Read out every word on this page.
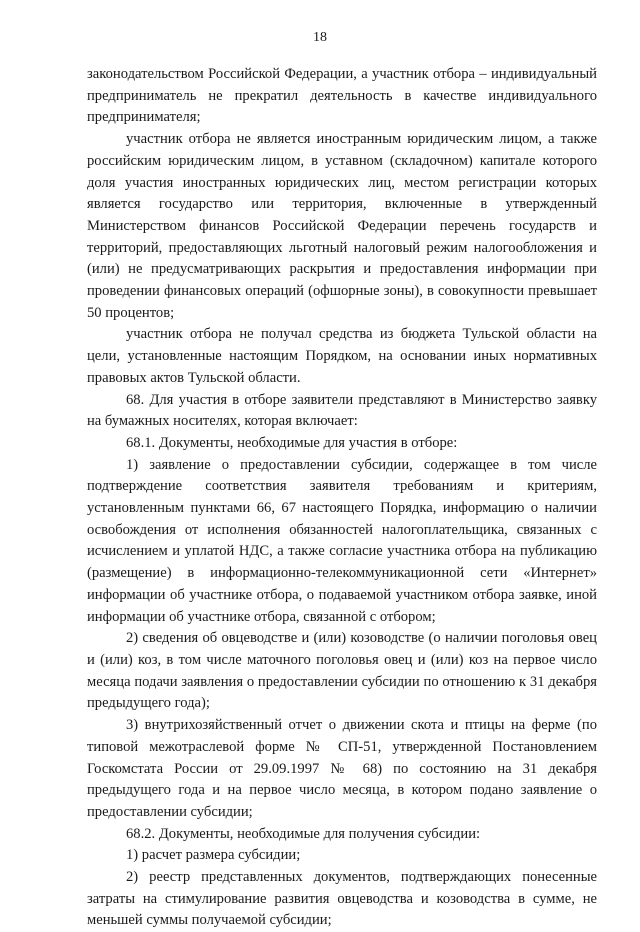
18

законодательством Российской Федерации, а участник отбора – индивидуальный предприниматель не прекратил деятельность в качестве индивидуального предпринимателя;

участник отбора не является иностранным юридическим лицом, а также российским юридическим лицом, в уставном (складочном) капитале которого доля участия иностранных юридических лиц, местом регистрации которых является государство или территория, включенные в утвержденный Министерством финансов Российской Федерации перечень государств и территорий, предоставляющих льготный налоговый режим налогообложения и (или) не предусматривающих раскрытия и предоставления информации при проведении финансовых операций (офшорные зоны), в совокупности превышает 50 процентов;

участник отбора не получал средства из бюджета Тульской области на цели, установленные настоящим Порядком, на основании иных нормативных правовых актов Тульской области.

68. Для участия в отборе заявители представляют в Министерство заявку на бумажных носителях, которая включает:

68.1. Документы, необходимые для участия в отборе:

1) заявление о предоставлении субсидии, содержащее в том числе подтверждение соответствия заявителя требованиям и критериям, установленным пунктами 66, 67 настоящего Порядка, информацию о наличии освобождения от исполнения обязанностей налогоплательщика, связанных с исчислением и уплатой НДС, а также согласие участника отбора на публикацию (размещение) в информационно-телекоммуникационной сети «Интернет» информации об участнике отбора, о подаваемой участником отбора заявке, иной информации об участнике отбора, связанной с отбором;

2) сведения об овцеводстве и (или) козоводстве (о наличии поголовья овец и (или) коз, в том числе маточного поголовья овец и (или) коз на первое число месяца подачи заявления о предоставлении субсидии по отношению к 31 декабря предыдущего года);

3) внутрихозяйственный отчет о движении скота и птицы на ферме (по типовой межотраслевой форме № СП-51, утвержденной Постановлением Госкомстата России от 29.09.1997 № 68) по состоянию на 31 декабря предыдущего года и на первое число месяца, в котором подано заявление о предоставлении субсидии;

68.2. Документы, необходимые для получения субсидии:

1) расчет размера субсидии;

2) реестр представленных документов, подтверждающих понесенные затраты на стимулирование развития овцеводства и козоводства в сумме, не меньшей суммы получаемой субсидии;
